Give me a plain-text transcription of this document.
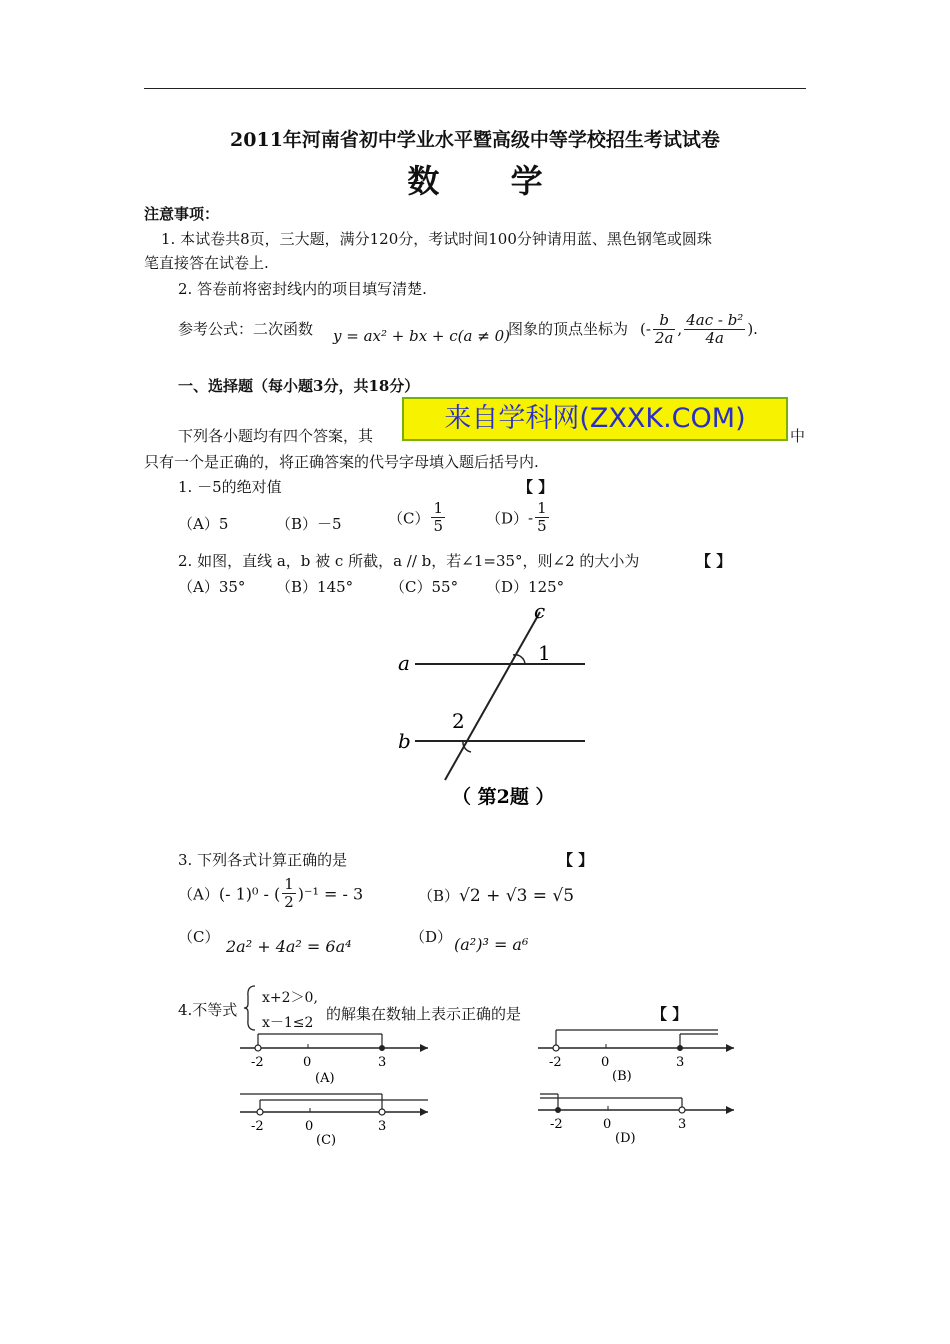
2011年河南省初中学业水平暨高级中等学校招生考试试卷
数 学
注意事项：
1. 本试卷共8页，三大题，满分120分，考试时间100分钟请用蓝、黑色钢笔或圆珠
笔直接答在试卷上.
2. 答卷前将密封线内的项目填写清楚.
参考公式：二次函数 y = ax² + bx + c(a ≠ 0)
图象的顶点坐标为 (- $\frac{b}{2a}$ , $\frac{\text{4ac - b²}}{4a}$ ).
一、选择题（每小题3分，共18分）
下列各小题均有四个答案，其
来自学科网(ZXXK.COM)
中
只有一个是正确的，将正确答案的代号字母填入题后括号内.
1. －5的绝对值	【 】
（A）5	（B）－5	$(C) \frac{1}{5}$	$(D)- \frac{1}{5}$
2. 如图，直线 a，b 被 c 所截，a // b，若∠1=35°，则∠2 的大小为	【 】
（A）35° （B）145° （C）55° （D）125°
a
b
c
1
2
（ 第2题 ）
3. 下列各式计算正确的是	【 】
（A）(- 1)⁰ - ( $\frac{1}{2} )^{-1}$ = - 3	（B）√2 + √3 = √5
（C） 2a² + 4a² = 6a⁴	（D） (a²)³ = a⁶
4.不等式
x+2＞0,
x－1≤2 的解集在数轴上表示正确的是	【 】
-2	0	3
(A)
-2	0	3
(B)
-2	0	3
(C)
-2	0	3
(D)
